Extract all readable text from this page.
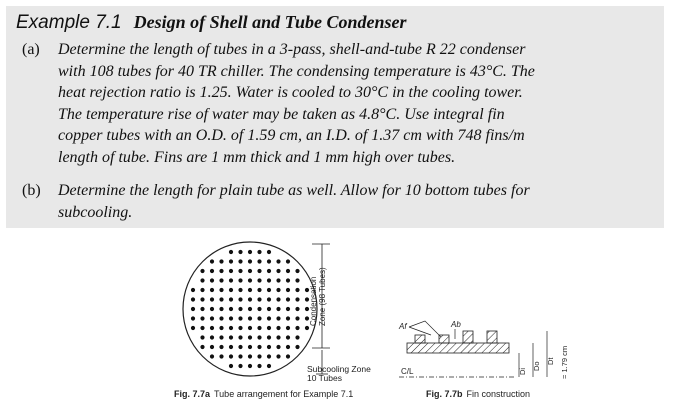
Example 7.1 Design of Shell and Tube Condenser
(a) Determine the length of tubes in a 3-pass, shell-and-tube R 22 condenser
with 108 tubes for 40 TR chiller. The condensing temperature is 43°C. The
heat rejection ratio is 1.25. Water is cooled to 30°C in the cooling tower.
The temperature rise of water may be taken as 4.8°C. Use integral fin
copper tubes with an O.D. of 1.59 cm, an I.D. of 1.37 cm with 748 fins/m
length of tube. Fins are 1 mm thick and 1 mm high over tubes.
(b) Determine the length for plain tube as well. Allow for 10 bottom tubes for
subcooling.
Condensation Zone (98 Tubes)
Subcooling Zone
10 Tubes
Fig. 7.7a Tube arrangement for Example 7.1
Af	Ab
C/L	Di
Do
Dt = 1.79 cm
Fig. 7.7b Fin construction
